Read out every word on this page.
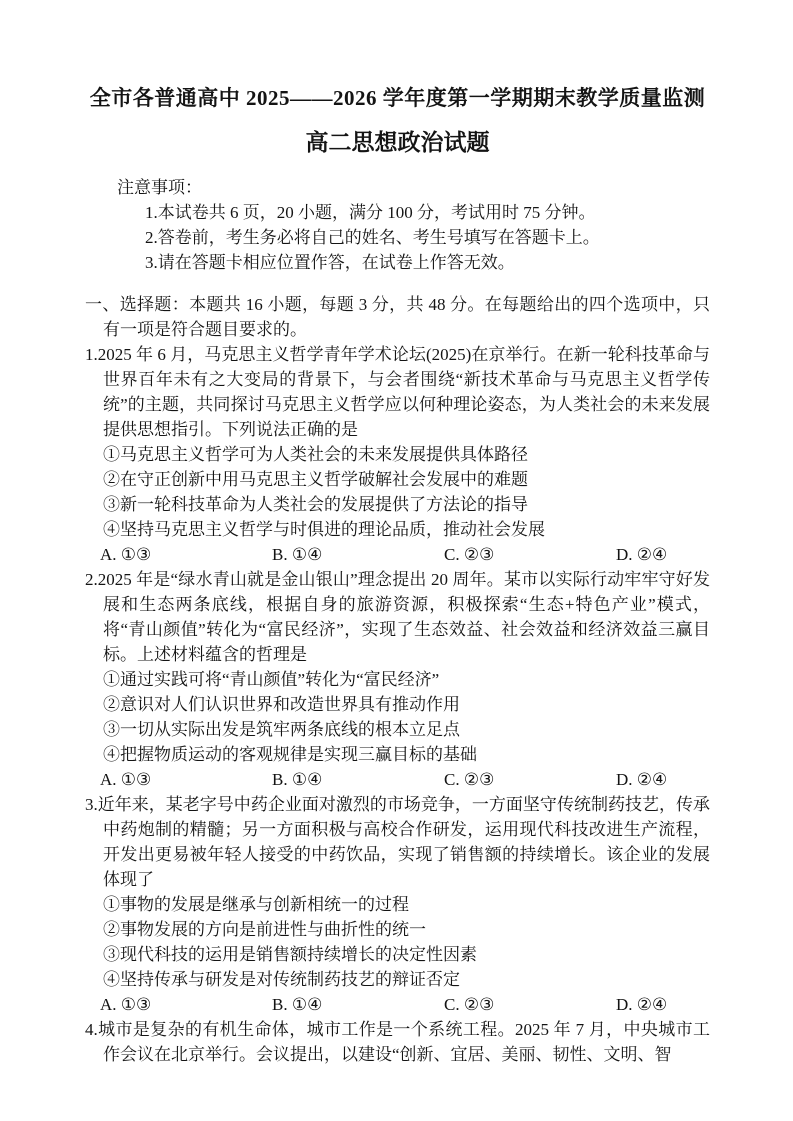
全市各普通高中 2025——2026 学年度第一学期期末教学质量监测
高二思想政治试题
注意事项：
1.本试卷共 6 页，20 小题，满分 100 分，考试用时 75 分钟。
2.答卷前，考生务必将自己的姓名、考生号填写在答题卡上。
3.请在答题卡相应位置作答，在试卷上作答无效。
一、选择题：本题共 16 小题，每题 3 分，共 48 分。在每题给出的四个选项中，只有一项是符合题目要求的。
1.2025 年 6 月，马克思主义哲学青年学术论坛(2025)在京举行。在新一轮科技革命与世界百年未有之大变局的背景下，与会者围绕“新技术革命与马克思主义哲学传统”的主题，共同探讨马克思主义哲学应以何种理论姿态，为人类社会的未来发展提供思想指引。下列说法正确的是
①马克思主义哲学可为人类社会的未来发展提供具体路径
②在守正创新中用马克思主义哲学破解社会发展中的难题
③新一轮科技革命为人类社会的发展提供了方法论的指导
④坚持马克思主义哲学与时俱进的理论品质，推动社会发展
A. ①③	B. ①④	C. ②③	D. ②④
2.2025 年是“绿水青山就是金山银山”理念提出 20 周年。某市以实际行动牢牢守好发展和生态两条底线，根据自身的旅游资源，积极探索“生态+特色产业”模式，将“青山颜值”转化为“富民经济”，实现了生态效益、社会效益和经济效益三赢目标。上述材料蕴含的哲理是
①通过实践可将“青山颜值”转化为“富民经济”
②意识对人们认识世界和改造世界具有推动作用
③一切从实际出发是筑牢两条底线的根本立足点
④把握物质运动的客观规律是实现三赢目标的基础
A. ①③	B. ①④	C. ②③	D. ②④
3.近年来，某老字号中药企业面对激烈的市场竞争，一方面坚守传统制药技艺，传承中药炮制的精髓；另一方面积极与高校合作研发，运用现代科技改进生产流程，开发出更易被年轻人接受的中药饮品，实现了销售额的持续增长。该企业的发展体现了
①事物的发展是继承与创新相统一的过程
②事物发展的方向是前进性与曲折性的统一
③现代科技的运用是销售额持续增长的决定性因素
④坚持传承与研发是对传统制药技艺的辩证否定
A. ①③	B. ①④	C. ②③	D. ②④
4.城市是复杂的有机生命体，城市工作是一个系统工程。2025 年 7 月，中央城市工作会议在北京举行。会议提出，以建设“创新、宜居、美丽、韧性、文明、智
